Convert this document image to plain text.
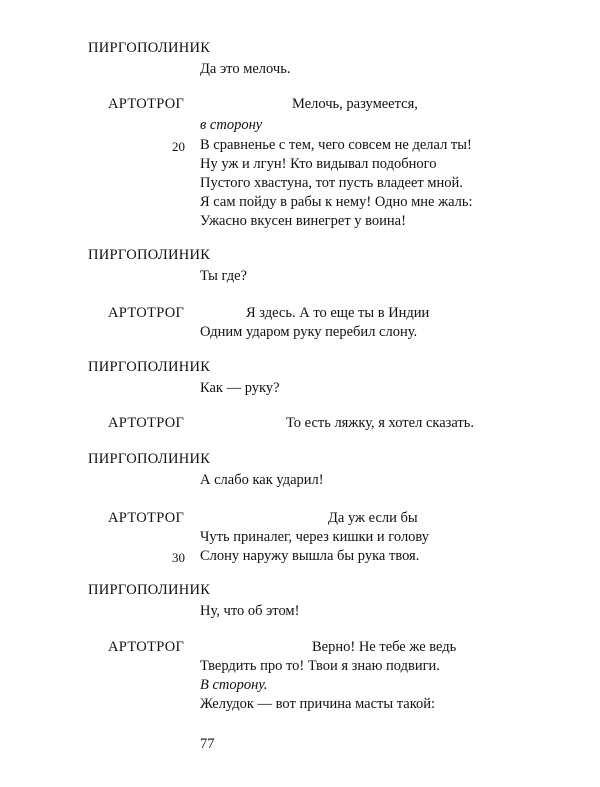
ПИРГОПОЛИНИК
Да это мелочь.
АРТОТРОГ	Мелочь, разумеется,
в сторону
20 В сравненье с тем, чего совсем не делал ты!
Ну уж и лгун! Кто видывал подобного
Пустого хвастуна, тот пусть владеет мной.
Я сам пойду в рабы к нему! Одно мне жаль:
Ужасно вкусен винегрет у воина!
ПИРГОПОЛИНИК
Ты где?
АРТОТРОГ	Я здесь. А то еще ты в Индии
Одним ударом руку перебил слону.
ПИРГОПОЛИНИК
Как — руку?
АРТОТРОГ	То есть ляжку, я хотел сказать.
ПИРГОПОЛИНИК
А слабо как ударил!
АРТОТРОГ	Да уж если бы
Чуть приналег, через кишки и голову
30 Слону наружу вышла бы рука твоя.
ПИРГОПОЛИНИК
Ну, что об этом!
АРТОТРОГ	Верно! Не тебе же ведь
Твердить про то! Твои я знаю подвиги.
В сторону.
Желудок — вот причина масты такой:
77
